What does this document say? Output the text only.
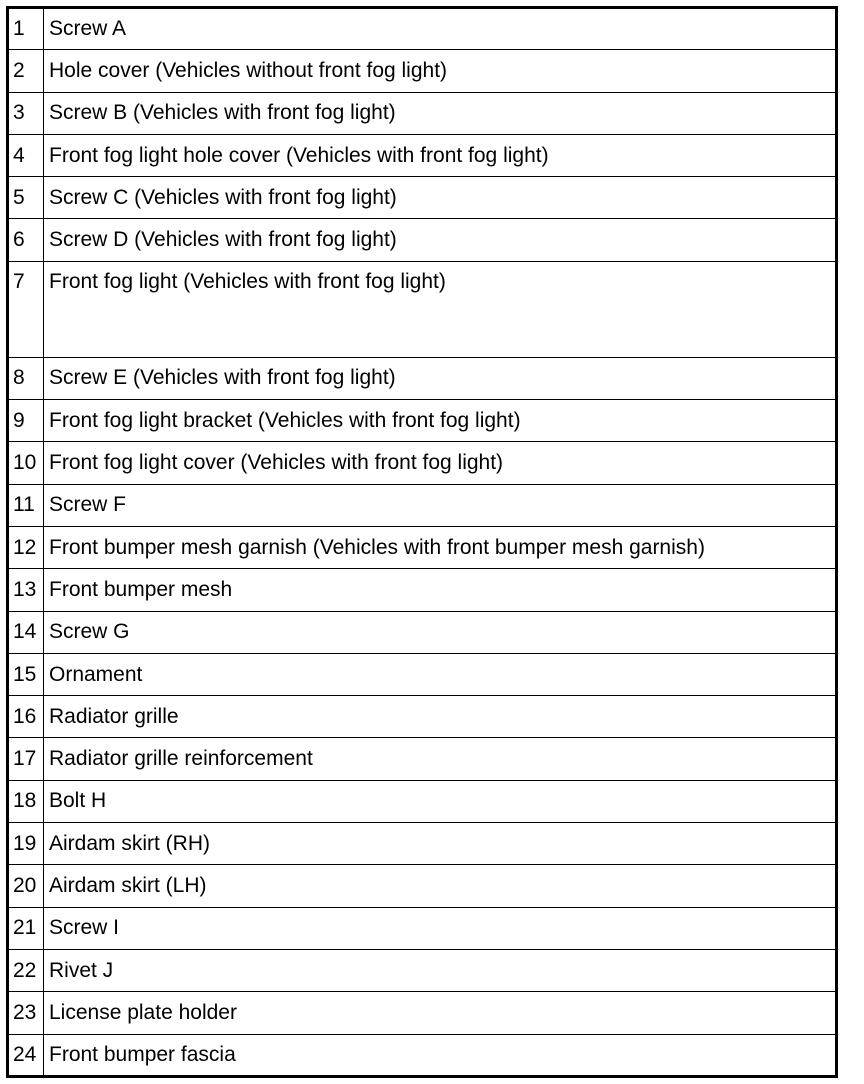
1	Screw A
2	Hole cover (Vehicles without front fog light)
3	Screw B (Vehicles with front fog light)
4	Front fog light hole cover (Vehicles with front fog light)
5	Screw C (Vehicles with front fog light)
6	Screw D (Vehicles with front fog light)
7	Front fog light (Vehicles with front fog light)
8	Screw E (Vehicles with front fog light)
9	Front fog light bracket (Vehicles with front fog light)
10	Front fog light cover (Vehicles with front fog light)
11	Screw F
12	Front bumper mesh garnish (Vehicles with front bumper mesh garnish)
13	Front bumper mesh
14	Screw G
15	Ornament
16	Radiator grille
17	Radiator grille reinforcement
18	Bolt H
19	Airdam skirt (RH)
20	Airdam skirt (LH)
21	Screw I
22	Rivet J
23	License plate holder
24	Front bumper fascia
